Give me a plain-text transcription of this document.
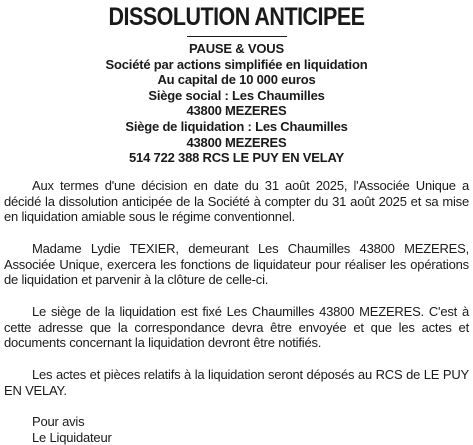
DISSOLUTION ANTICIPEE
PAUSE & VOUS
Société par actions simplifiée en liquidation
Au capital de 10 000 euros
Siège social : Les Chaumilles
43800 MEZERES
Siège de liquidation : Les Chaumilles
43800 MEZERES
514 722 388 RCS LE PUY EN VELAY

Aux termes d'une décision en date du 31 août 2025, l'Associée Unique a décidé la dissolution anticipée de la Société à compter du 31 août 2025 et sa mise en liquidation amiable sous le régime conventionnel.

Madame Lydie TEXIER, demeurant Les Chaumilles 43800 MEZERES, Associée Unique, exercera les fonctions de liquidateur pour réaliser les opérations de liquidation et parvenir à la clôture de celle-ci.

Le siège de la liquidation est fixé Les Chaumilles 43800 MEZERES. C'est à cette adresse que la correspondance devra être envoyée et que les actes et documents concernant la liquidation devront être notifiés.

Les actes et pièces relatifs à la liquidation seront déposés au RCS de LE PUY EN VELAY.

Pour avis
Le Liquidateur
